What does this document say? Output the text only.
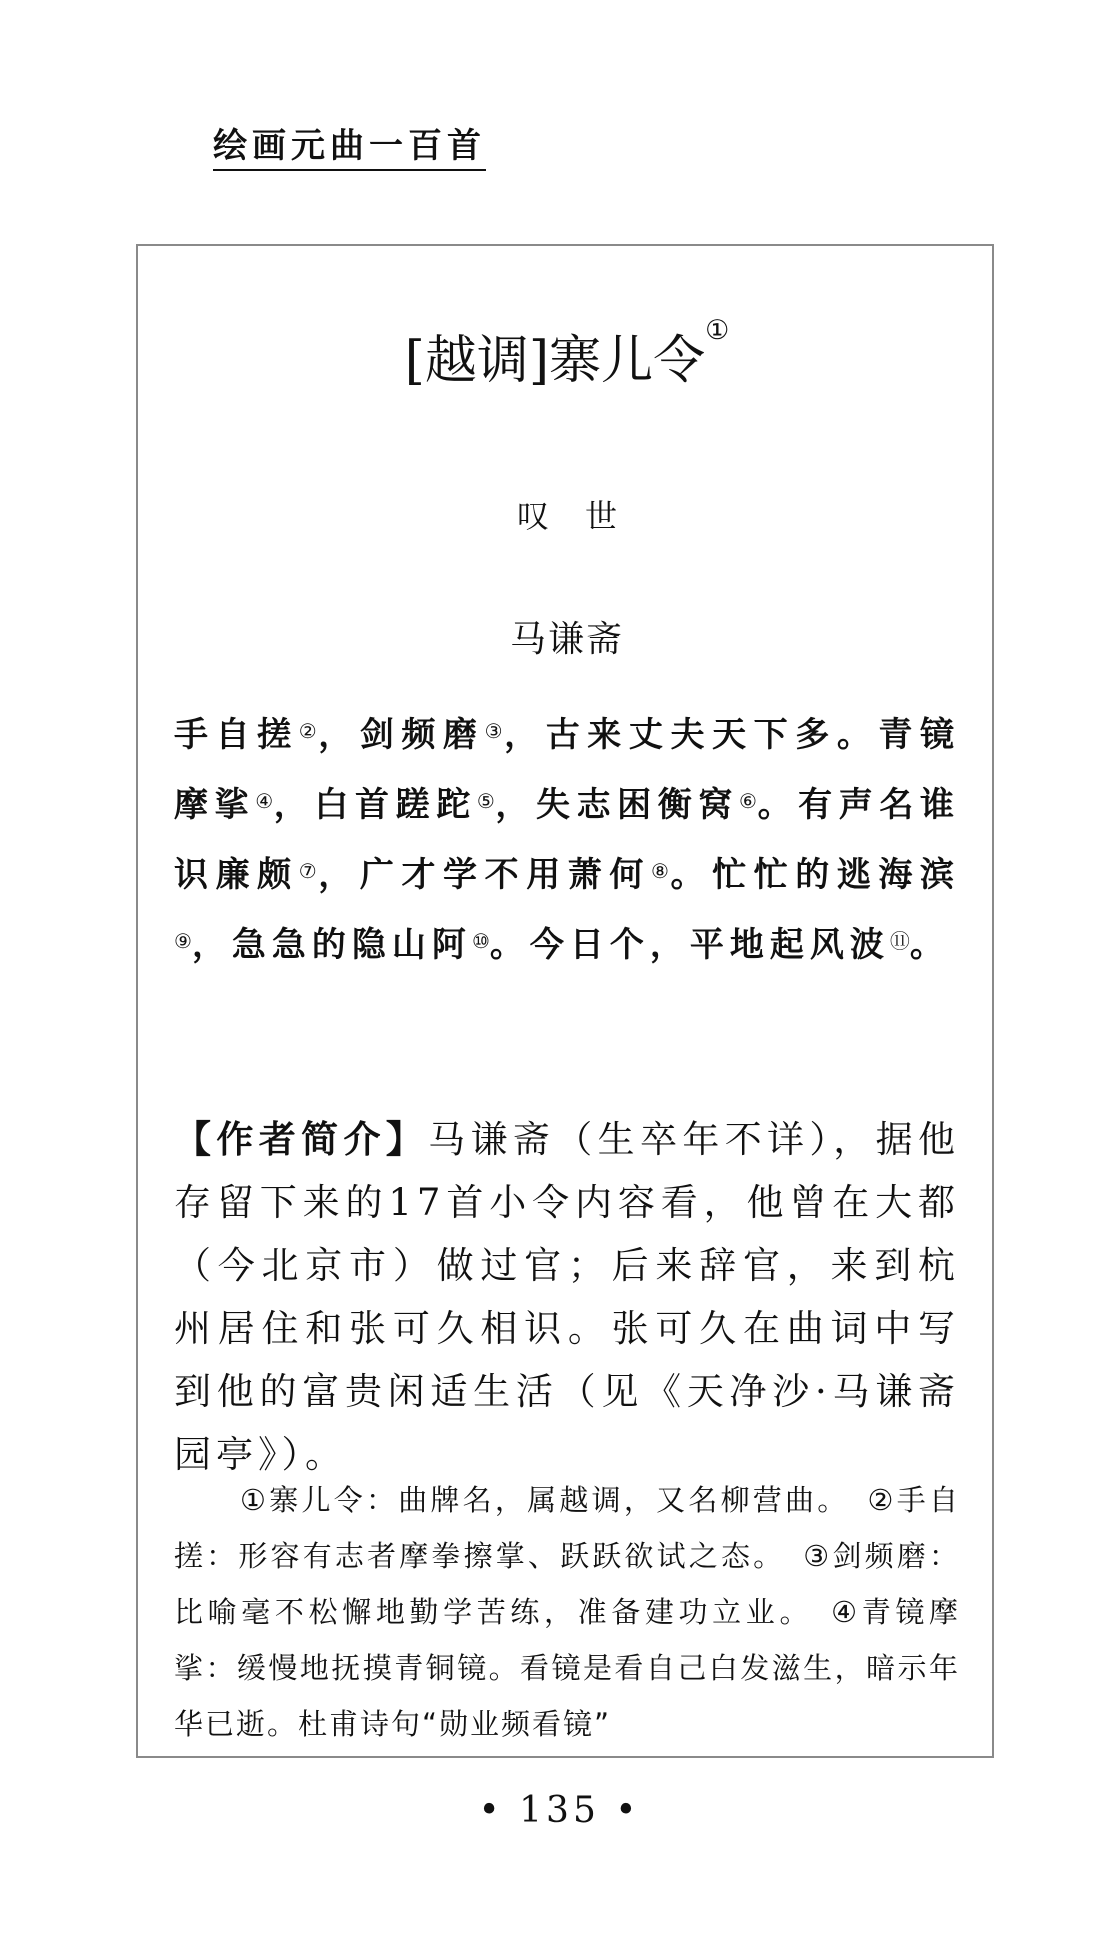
绘画元曲一百首
[越调]寨儿令①
叹世
马谦斋
手自搓②，剑频磨③，古来丈夫天下多。青镜摩挲④，白首蹉跎⑤，失志困衡窝⑥。有声名谁识廉颇⑦，广才学不用萧何⑧。忙忙的逃海滨⑨，急急的隐山阿⑩。今日个，平地起风波⑪。
【作者简介】马谦斋（生卒年不详），据他存留下来的17首小令内容看，他曾在大都（今北京市）做过官；后来辞官，来到杭州居住和张可久相识。张可久在曲词中写到他的富贵闲适生活（见《天净沙·马谦斋园亭》）。
①寨儿令：曲牌名，属越调，又名柳营曲。 ②手自搓：形容有志者摩拳擦掌、跃跃欲试之态。 ③剑频磨：比喻毫不松懈地勤学苦练，准备建功立业。 ④青镜摩挲：缓慢地抚摸青铜镜。看镜是看自己白发滋生，暗示年华已逝。杜甫诗句“勋业频看镜”
• 135 •
